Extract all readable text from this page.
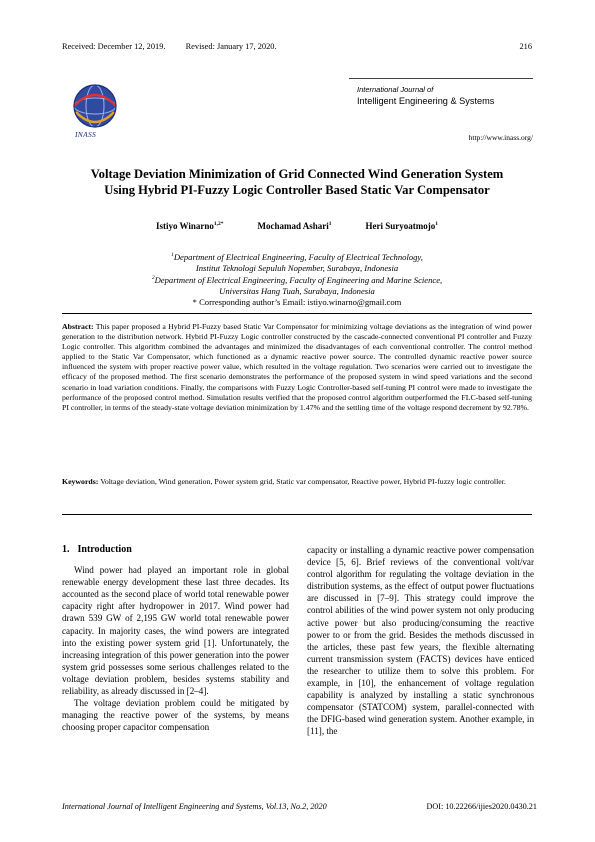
Received: December 12, 2019. Revised: January 17, 2020.	216
INASS
International Journal of
Intelligent Engineering & Systems
http://www.inass.org/
Voltage Deviation Minimization of Grid Connected Wind Generation System
Using Hybrid PI-Fuzzy Logic Controller Based Static Var Compensator
Istiyo Winarno$^{1,2*}$	Mochamad Ashari$^1$	Heri Suryoatmojo$^1$
$^1$Department of Electrical Engineering, Faculty of Electrical Technology,
Institut Teknologi Sepuluh Nopember, Surabaya, Indonesia
$^2$Department of Electrical Engineering, Faculty of Engineering and Marine Science,
Universitas Hang Tuah, Surabaya, Indonesia
* Corresponding author’s Email: istiyo.winarno@gmail.com
Abstract: This paper proposed a Hybrid PI-Fuzzy based Static Var Compensator for minimizing voltage deviations as the integration of wind power generation to the distribution network. Hybrid PI-Fuzzy Logic controller constructed by the cascade-connected conventional PI controller and Fuzzy Logic controller. This algorithm combined the advantages and minimized the disadvantages of each conventional controller. The control method applied to the Static Var Compensator, which functioned as a dynamic reactive power source. The controlled dynamic reactive power source influenced the system with proper reactive power value, which resulted in the voltage regulation. Two scenarios were carried out to investigate the efficacy of the proposed method. The first scenario demonstrates the performance of the proposed system in wind speed variations and the second scenario in load variation conditions. Finally, the comparisons with Fuzzy Logic Controller-based self-tuning PI control were made to investigate the performance of the proposed control method. Simulation results verified that the proposed control algorithm outperformed the FLC-based self-tuning PI controller, in terms of the steady-state voltage deviation minimization by 1.47% and the settling time of the voltage respond decrement by 92.78%.
Keywords: Voltage deviation, Wind generation, Power system grid, Static var compensator, Reactive power, Hybrid PI-fuzzy logic controller.
1. Introduction

Wind power had played an important role in global renewable energy development these last three decades. Its accounted as the second place of world total renewable power capacity right after hydropower in 2017. Wind power had drawn 539 GW of 2,195 GW world total renewable power capacity. In majority cases, the wind powers are integrated into the existing power system grid [1]. Unfortunately, the increasing integration of this power generation into the power system grid possesses some serious challenges related to the voltage deviation problem, besides systems stability and reliability, as already discussed in [2–4].

The voltage deviation problem could be mitigated by managing the reactive power of the systems, by means choosing proper capacitor compensation

capacity or installing a dynamic reactive power compensation device [5, 6]. Brief reviews of the conventional volt/var control algorithm for regulating the voltage deviation in the distribution systems, as the effect of output power fluctuations are discussed in [7–9]. This strategy could improve the control abilities of the wind power system not only producing active power but also producing/consuming the reactive power to or from the grid. Besides the methods discussed in the articles, these past few years, the flexible alternating current transmission system (FACTS) devices have enticed the researcher to utilize them to solve this problem. For example, in [10], the enhancement of voltage regulation capability is analyzed by installing a static synchronous compensator (STATCOM) system, parallel-connected with the DFIG-based wind generation system. Another example, in [11], the

International Journal of Intelligent Engineering and Systems, Vol.13, No.2, 2020	DOI: 10.22266/ijies2020.0430.21
